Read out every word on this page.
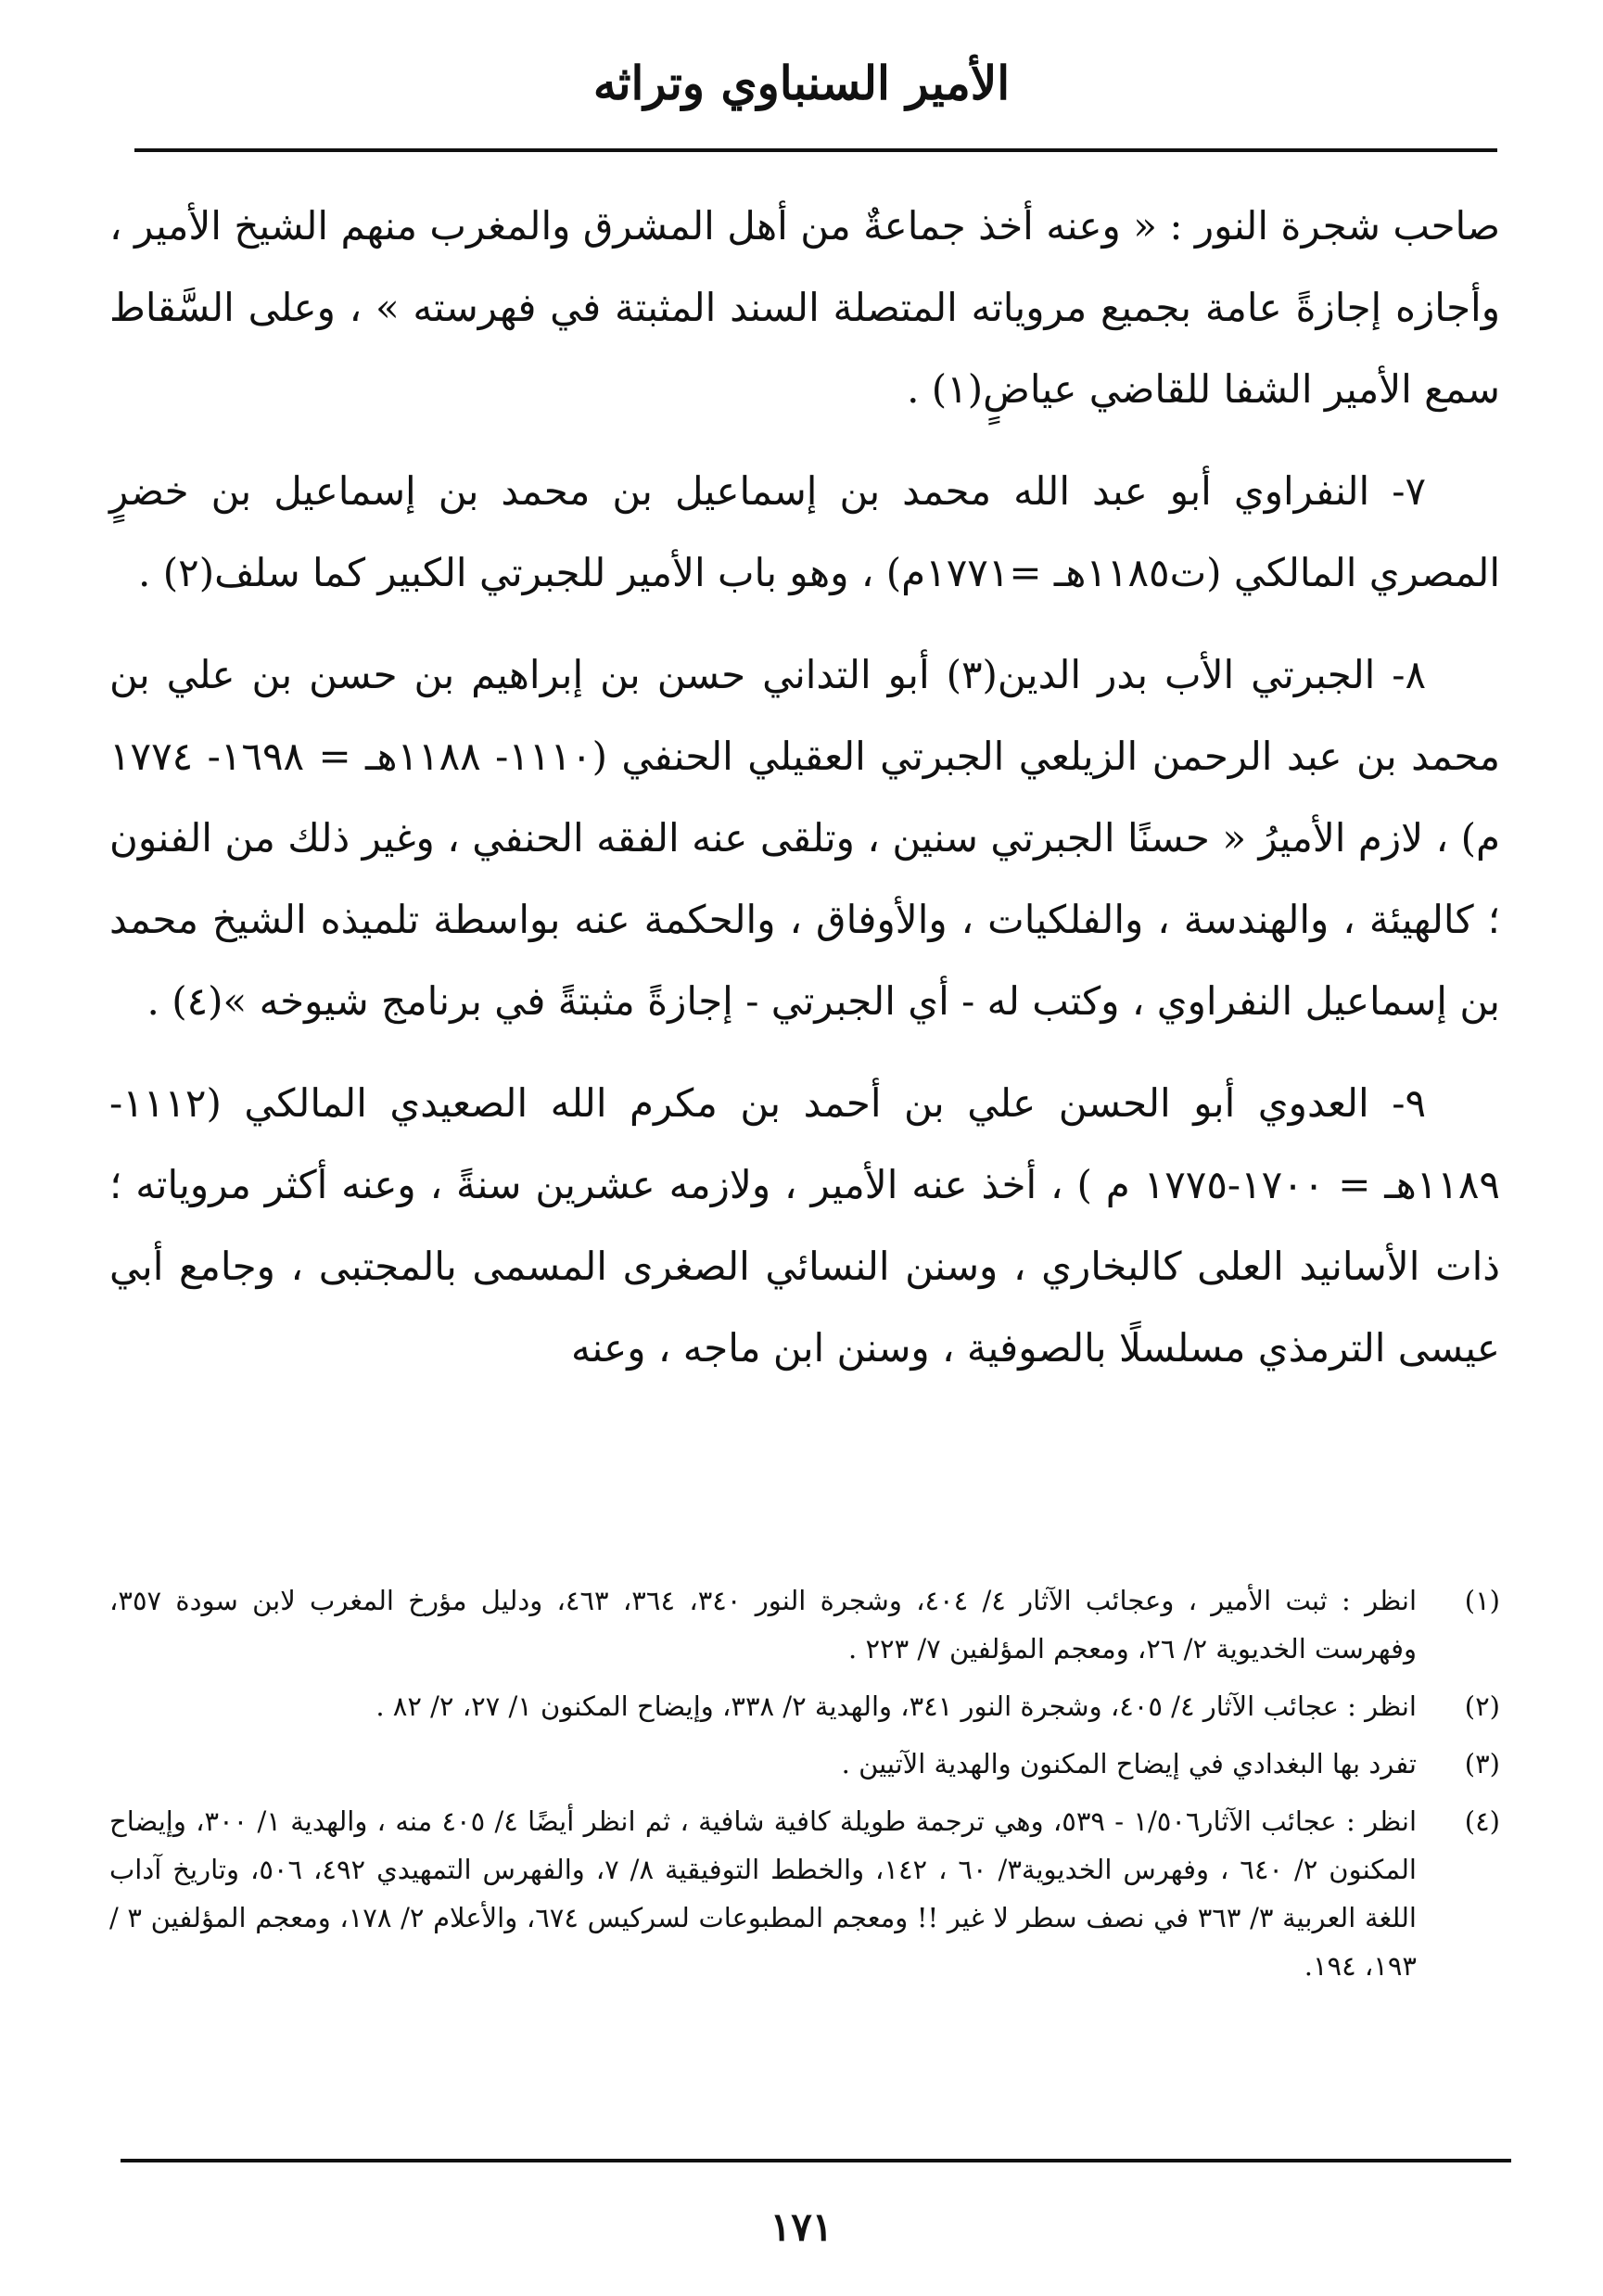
الأمير السنباوي وتراثه

صاحب شجرة النور : « وعنه أخذ جماعةٌ من أهل المشرق والمغرب منهم الشيخ الأمير ، وأجازه إجازةً عامة بجميع مروياته المتصلة السند المثبتة في فهرسته » ، وعلى السَّقاط سمع الأمير الشفا للقاضي عياضٍ(١) .

٧- النفراوي أبو عبد الله محمد بن إسماعيل بن محمد بن إسماعيل بن خضرٍ المصري المالكي (ت١١٨٥هـ =١٧٧١م) ، وهو باب الأمير للجبرتي الكبير كما سلف(٢) .

٨- الجبرتي الأب بدر الدين(٣) أبو التداني حسن بن إبراهيم بن حسن بن علي بن محمد بن عبد الرحمن الزيلعي الجبرتي العقيلي الحنفي (١١١٠- ١١٨٨هـ = ١٦٩٨- ١٧٧٤ م) ، لازم الأميرُ « حسنًا الجبرتي سنين ، وتلقى عنه الفقه الحنفي ، وغير ذلك من الفنون ؛ كالهيئة ، والهندسة ، والفلكيات ، والأوفاق ، والحكمة عنه بواسطة تلميذه الشيخ محمد بن إسماعيل النفراوي ، وكتب له - أي الجبرتي - إجازةً مثبتةً في برنامج شيوخه »(٤) .

٩- العدوي أبو الحسن علي بن أحمد بن مكرم الله الصعيدي المالكي (١١١٢- ١١٨٩هـ = ١٧٠٠-١٧٧٥ م ) ، أخذ عنه الأمير ، ولازمه عشرين سنةً ، وعنه أكثر مروياته ؛ ذات الأسانيد العلى كالبخاري ، وسنن النسائي الصغرى المسمى بالمجتبى ، وجامع أبي عيسى الترمذي مسلسلًا بالصوفية ، وسنن ابن ماجه ، وعنه

(١)
انظر : ثبت الأمير ، وعجائب الآثار ٤/ ٤٠٤، وشجرة النور ٣٤٠، ٣٦٤، ٤٦٣، ودليل مؤرخ المغرب لابن سودة ٣٥٧، وفهرست الخديوية ٢/ ٢٦، ومعجم المؤلفين ٧/ ٢٢٣ .
(٢)
انظر : عجائب الآثار ٤/ ٤٠٥، وشجرة النور ٣٤١، والهدية ٢/ ٣٣٨، وإيضاح المكنون ١/ ٢٧، ٢/ ٨٢ .
(٣)
تفرد بها البغدادي في إيضاح المكنون والهدية الآتيين .
(٤)
انظر : عجائب الآثار١/٥٠٦ - ٥٣٩، وهي ترجمة طويلة كافية شافية ، ثم انظر أيضًا ٤/ ٤٠٥ منه ، والهدية ١/ ٣٠٠، وإيضاح المكنون ٢/ ٦٤٠ ، وفهرس الخديوية٣/ ٦٠ ، ١٤٢، والخطط التوفيقية ٨/ ٧، والفهرس التمهيدي ٤٩٢، ٥٠٦، وتاريخ آداب اللغة العربية ٣/ ٣٦٣ في نصف سطر لا غير !! ومعجم المطبوعات لسركيس ٦٧٤، والأعلام ٢/ ١٧٨، ومعجم المؤلفين ٣ / ١٩٣، ١٩٤.
١٧١
